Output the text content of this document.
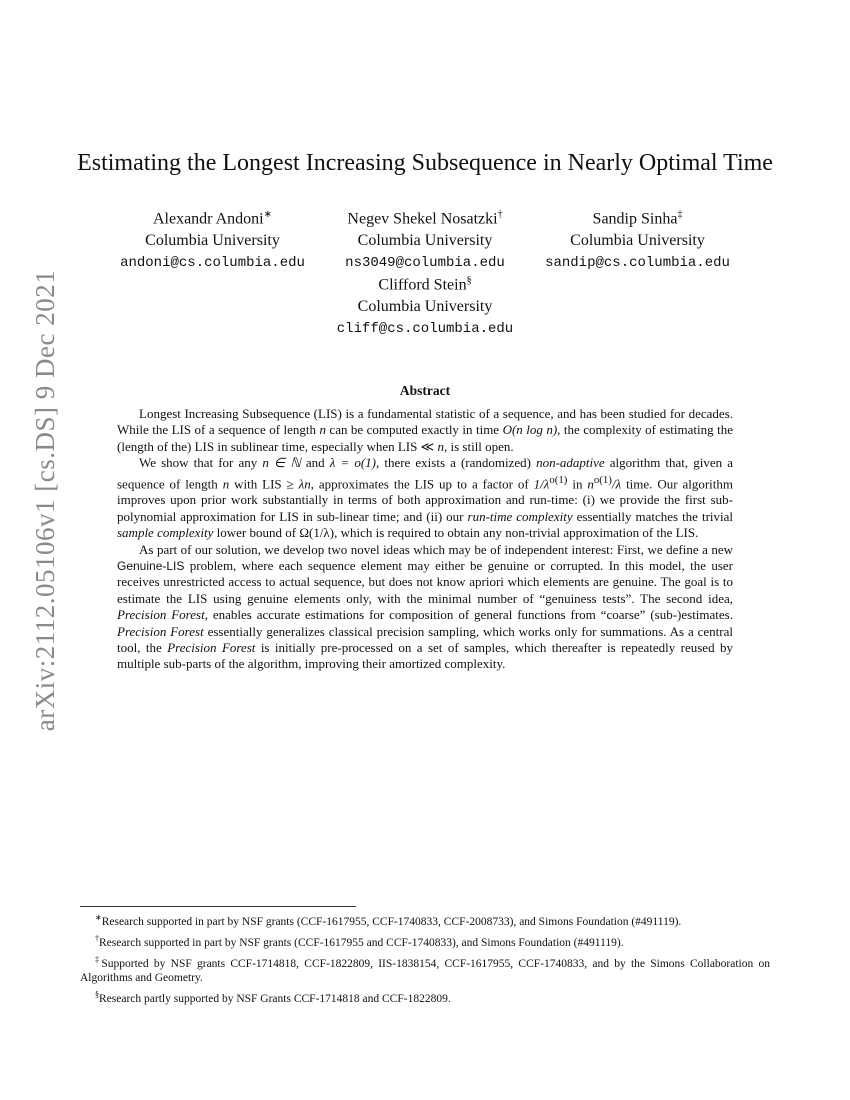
arXiv:2112.05106v1 [cs.DS] 9 Dec 2021
Estimating the Longest Increasing Subsequence in Nearly Optimal Time
Alexandr Andoni∗
Columbia University
andoni@cs.columbia.edu
Negev Shekel Nosatzki†
Columbia University
ns3049@columbia.edu
Sandip Sinha‡
Columbia University
sandip@cs.columbia.edu
Clifford Stein§
Columbia University
cliff@cs.columbia.edu
Abstract

Longest Increasing Subsequence (LIS) is a fundamental statistic of a sequence, and has been studied for decades. While the LIS of a sequence of length n can be computed exactly in time O(n log n), the complexity of estimating the (length of the) LIS in sublinear time, especially when LIS ≪ n, is still open.

We show that for any n ∈ ℕ and λ = o(1), there exists a (randomized) non-adaptive algorithm that, given a sequence of length n with LIS ≥ λn, approximates the LIS up to a factor of $1/\lambda^{o(1)}$ in $n^{o(1)}/\lambda$ time. Our algorithm improves upon prior work substantially in terms of both approximation and run-time: (i) we provide the first sub-polynomial approximation for LIS in sub-linear time; and (ii) our run-time complexity essentially matches the trivial sample complexity lower bound of Ω(1/λ), which is required to obtain any non-trivial approximation of the LIS.

As part of our solution, we develop two novel ideas which may be of independent interest: First, we define a new Genuine-LIS problem, where each sequence element may either be genuine or corrupted. In this model, the user receives unrestricted access to actual sequence, but does not know apriori which elements are genuine. The goal is to estimate the LIS using genuine elements only, with the minimal number of “genuiness tests”. The second idea, Precision Forest, enables accurate estimations for composition of general functions from “coarse” (sub-)estimates. Precision Forest essentially generalizes classical precision sampling, which works only for summations. As a central tool, the Precision Forest is initially pre-processed on a set of samples, which thereafter is repeatedly reused by multiple sub-parts of the algorithm, improving their amortized complexity.

∗Research supported in part by NSF grants (CCF-1617955, CCF-1740833, CCF-2008733), and Simons Foundation (#491119).

†Research supported in part by NSF grants (CCF-1617955 and CCF-1740833), and Simons Foundation (#491119).

‡Supported by NSF grants CCF-1714818, CCF-1822809, IIS-1838154, CCF-1617955, CCF-1740833, and by the Simons Collaboration on Algorithms and Geometry.

§Research partly supported by NSF Grants CCF-1714818 and CCF-1822809.
